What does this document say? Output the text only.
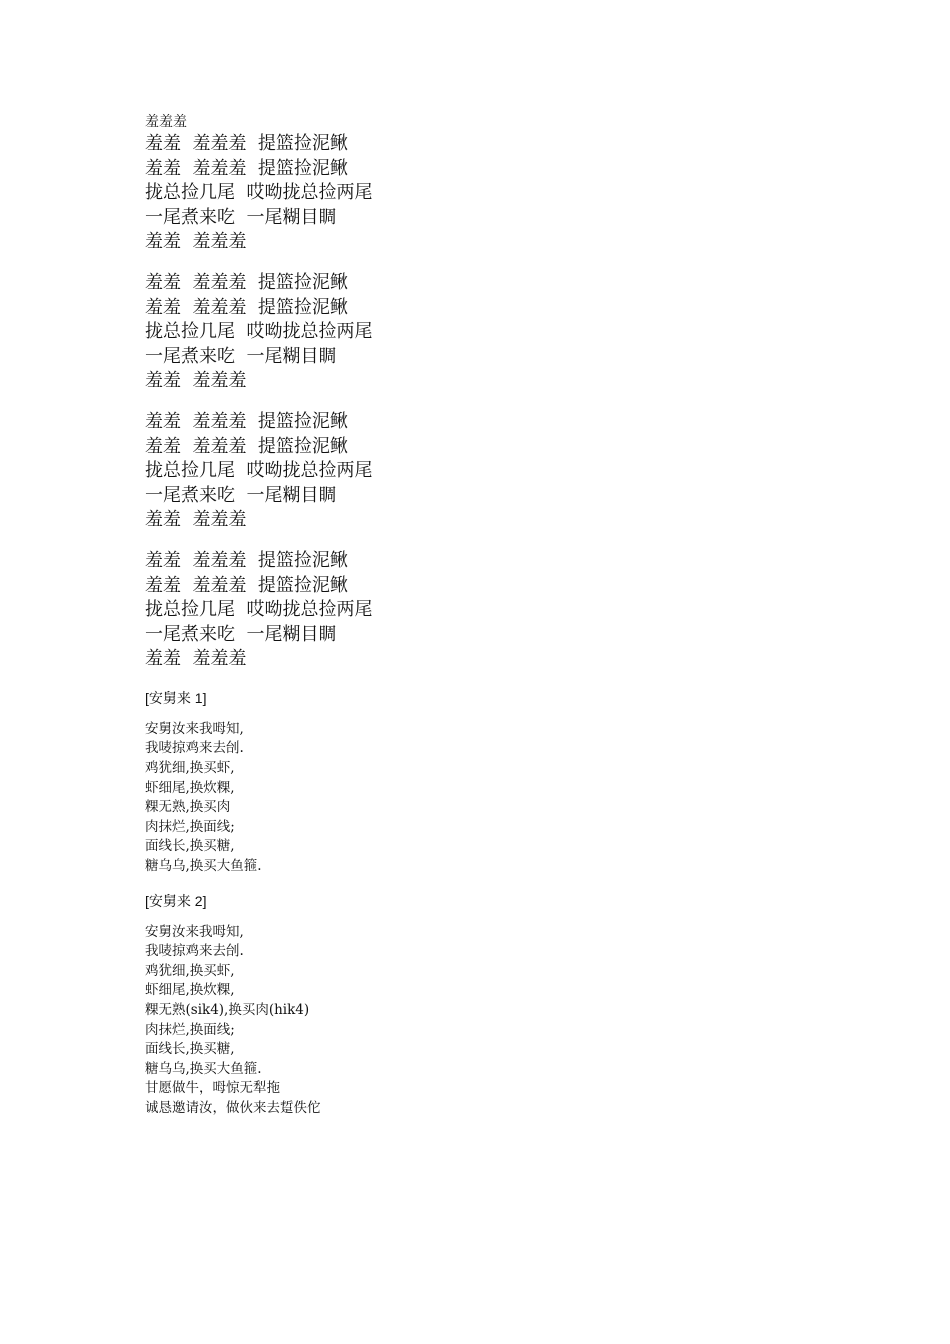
羞羞羞
羞羞  羞羞羞  提篮捡泥鳅
羞羞  羞羞羞  提篮捡泥鳅
拢总捡几尾  哎呦拢总捡两尾
一尾煮来吃  一尾糊目睭
羞羞  羞羞羞
羞羞  羞羞羞  提篮捡泥鳅
羞羞  羞羞羞  提篮捡泥鳅
拢总捡几尾  哎呦拢总捡两尾
一尾煮来吃  一尾糊目睭
羞羞  羞羞羞
羞羞  羞羞羞  提篮捡泥鳅
羞羞  羞羞羞  提篮捡泥鳅
拢总捡几尾  哎呦拢总捡两尾
一尾煮来吃  一尾糊目睭
羞羞  羞羞羞
羞羞  羞羞羞  提篮捡泥鳅
羞羞  羞羞羞  提篮捡泥鳅
拢总捡几尾  哎呦拢总捡两尾
一尾煮来吃  一尾糊目睭
羞羞  羞羞羞
[安舅来 1]
安舅汝来我呣知,
我唛掠鸡来去刣.
鸡犹细,换买虾,
虾细尾,换炊粿,
粿无熟,换买肉
肉抹烂,换面线;
面线长,换买糖,
糖乌乌,换买大鱼箍.
[安舅来 2]
安舅汝来我呣知,
我唛掠鸡来去刣.
鸡犹细,换买虾,
虾细尾,换炊粿,
粿无熟(sik4),换买肉(hik4)
肉抹烂,换面线;
面线长,换买糖,
糖乌乌,换买大鱼箍.
甘愿做牛，呣惊无犁拖
诚恳邀请汝，做伙来去踅佚佗
